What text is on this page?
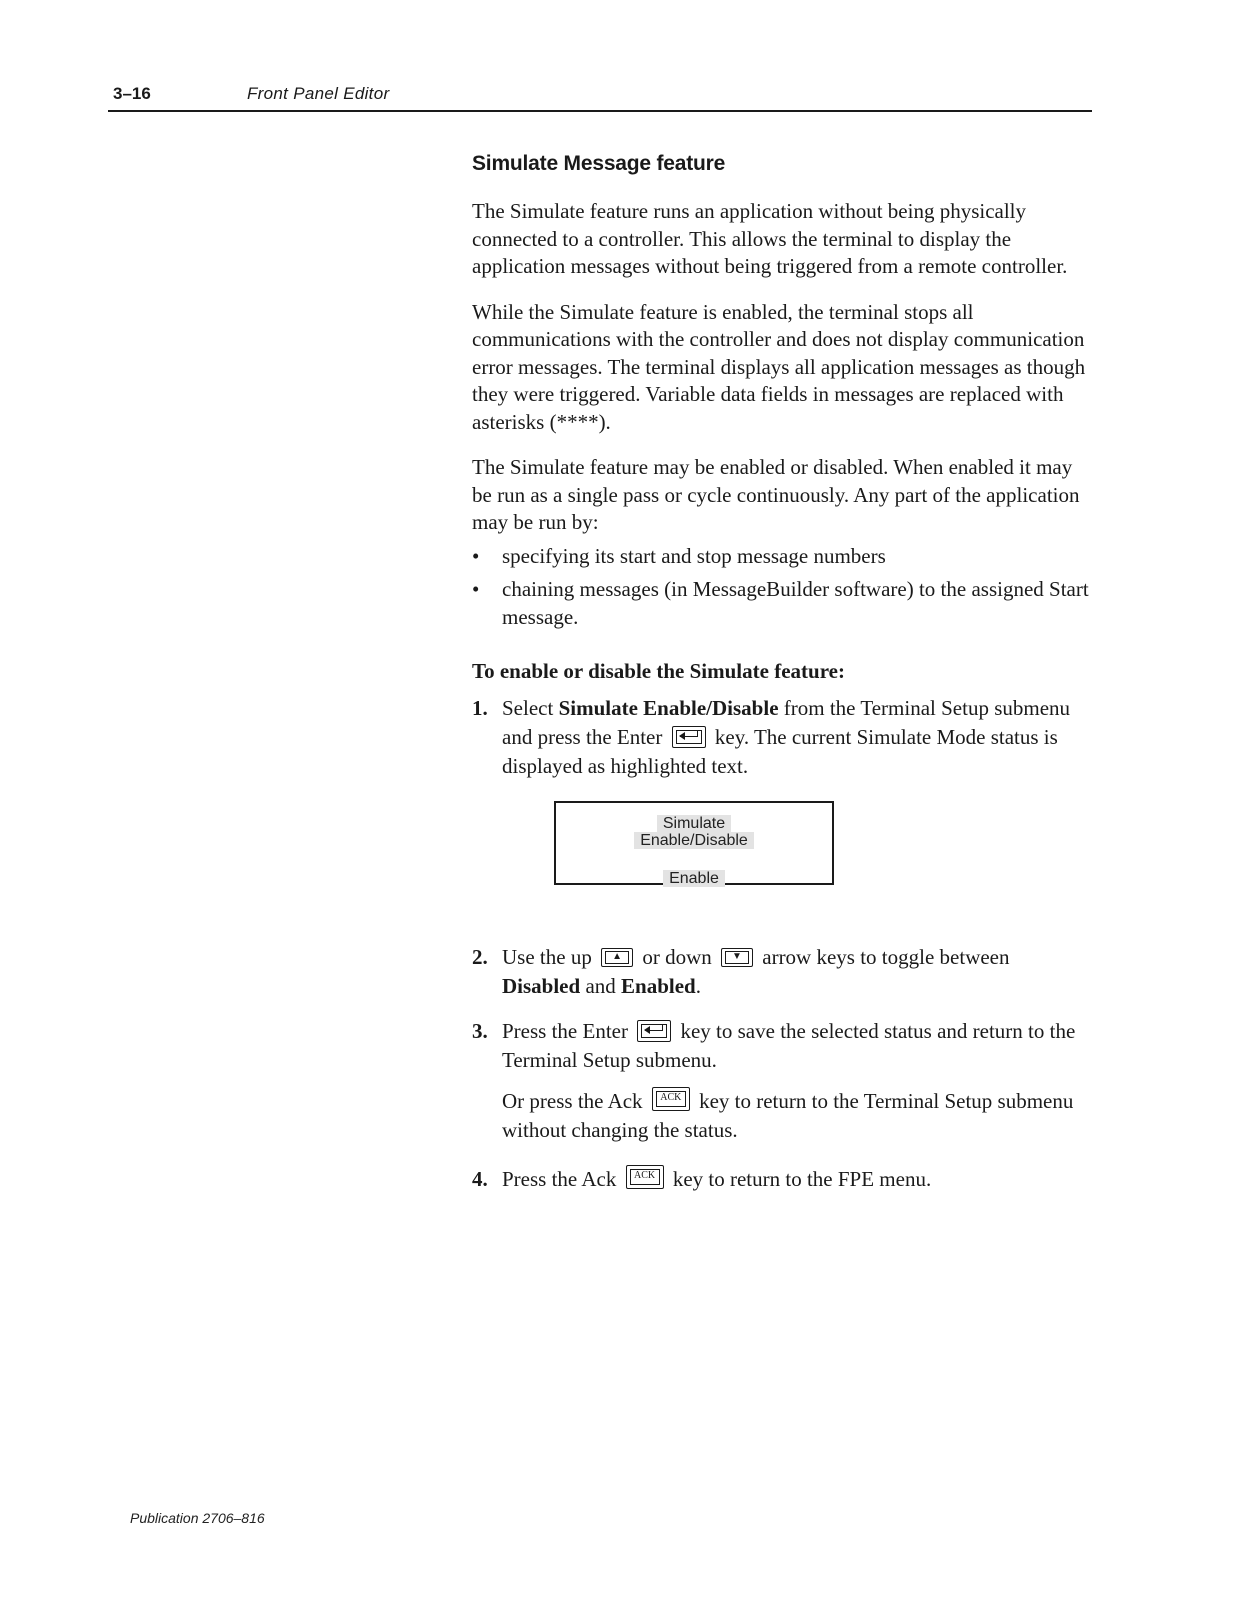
3–16	Front Panel Editor
Simulate Message feature

The Simulate feature runs an application without being physically connected to a controller. This allows the terminal to display the application messages without being triggered from a remote controller.

While the Simulate feature is enabled, the terminal stops all communications with the controller and does not display communication error messages. The terminal displays all application messages as though they were triggered. Variable data fields in messages are replaced with asterisks (****).

The Simulate feature may be enabled or disabled. When enabled it may be run as a single pass or cycle continuously. Any part of the application may be run by:

• specifying its start and stop message numbers
• chaining messages (in MessageBuilder software) to the assigned Start message.
To enable or disable the Simulate feature:
1. Select Simulate Enable/Disable from the Terminal Setup submenu and press the Enter
key. The current Simulate Mode status is displayed as highlighted text.

Simulate
Enable/Disable
Enable
2. Use the up ▲ or down ▼ arrow keys to toggle between Disabled and Enabled.

3. Press the Enter
key to save the selected status and return to the Terminal Setup submenu.

Or press the Ack ACK key to return to the Terminal Setup submenu without changing the status.

4. Press the Ack ACK key to return to the FPE menu.

Publication 2706–816
